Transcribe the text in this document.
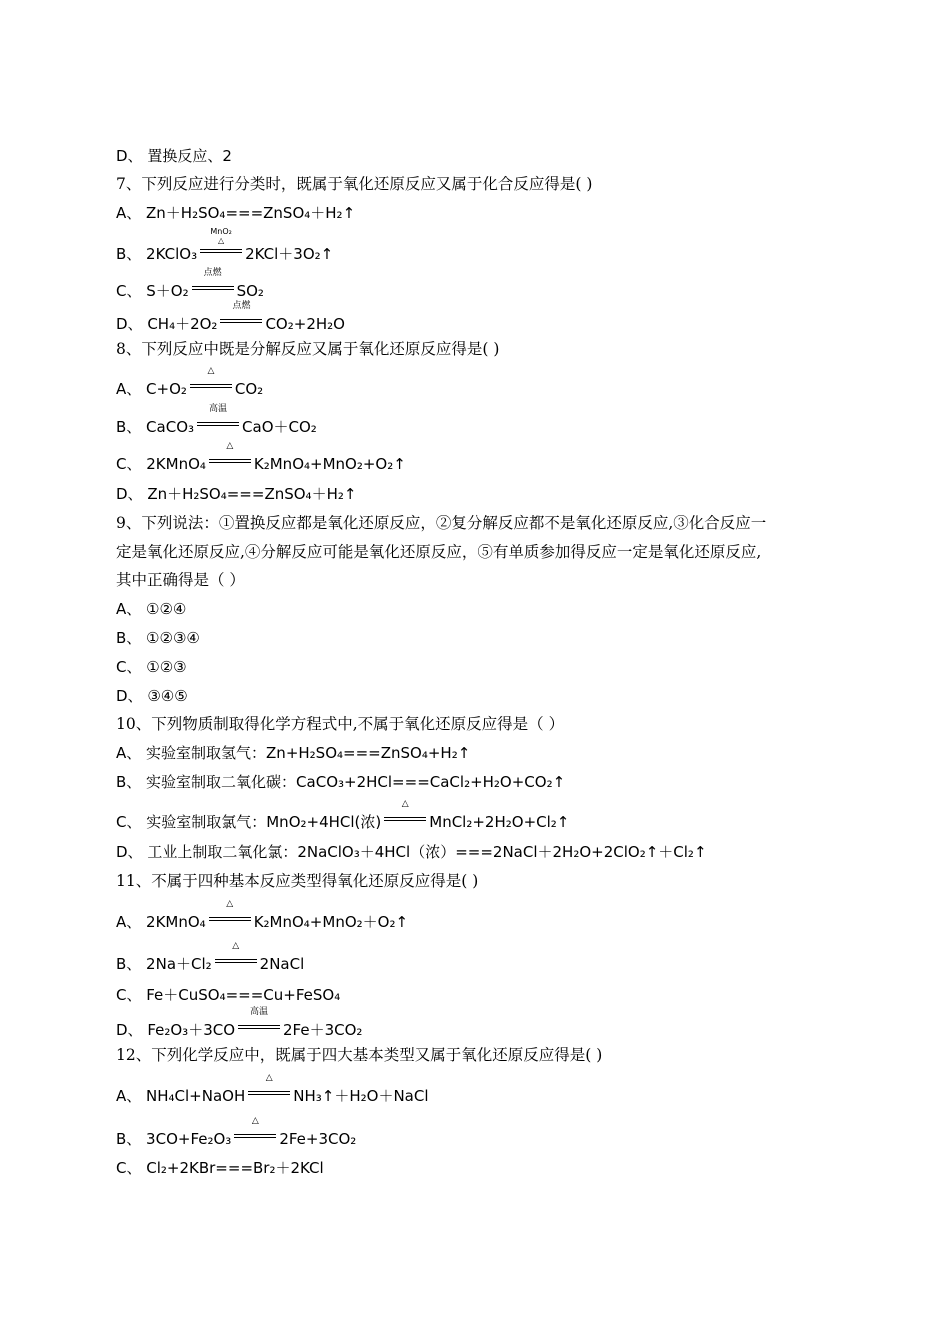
D、 置换反应、2
7、下列反应进行分类时，既属于氧化还原反应又属于化合反应得是( )
A、 Zn＋H₂SO₄===ZnSO₄＋H₂↑
B、 2KClO₃
MnO₂
△
2KCl＋3O₂↑
C、 S＋O₂
点燃
SO₂
D、 CH₄＋2O₂
点燃
CO₂+2H₂O
8、下列反应中既是分解反应又属于氧化还原反应得是( )
A、 C+O₂
△
CO₂
B、 CaCO₃
高温
CaO＋CO₂
C、 2KMnO₄
△
K₂MnO₄+MnO₂+O₂↑
D、 Zn＋H₂SO₄===ZnSO₄＋H₂↑
9、下列说法：①置换反应都是氧化还原反应，②复分解反应都不是氧化还原反应,③化合反应一
定是氧化还原反应,④分解反应可能是氧化还原反应，⑤有单质参加得反应一定是氧化还原反应,
其中正确得是（ ）
A、 ①②④
B、 ①②③④
C、 ①②③
D、 ③④⑤
10、下列物质制取得化学方程式中,不属于氧化还原反应得是（ ）
A、 实验室制取氢气：Zn+H₂SO₄===ZnSO₄+H₂↑
B、 实验室制取二氧化碳：CaCO₃+2HCl===CaCl₂+H₂O+CO₂↑
C、 实验室制取氯气：MnO₂+4HCl(浓)
△
MnCl₂+2H₂O+Cl₂↑
D、 工业上制取二氧化氯：2NaClO₃＋4HCl（浓）===2NaCl＋2H₂O+2ClO₂↑＋Cl₂↑
11、不属于四种基本反应类型得氧化还原反应得是( )
A、 2KMnO₄
△
K₂MnO₄+MnO₂＋O₂↑
B、 2Na＋Cl₂
△
2NaCl
C、 Fe＋CuSO₄===Cu+FeSO₄
D、 Fe₂O₃＋3CO
高温
2Fe＋3CO₂
12、下列化学反应中，既属于四大基本类型又属于氧化还原反应得是( )
A、 NH₄Cl+NaOH
△
NH₃↑＋H₂O＋NaCl
B、 3CO+Fe₂O₃
△
2Fe+3CO₂
C、 Cl₂+2KBr===Br₂＋2KCl
